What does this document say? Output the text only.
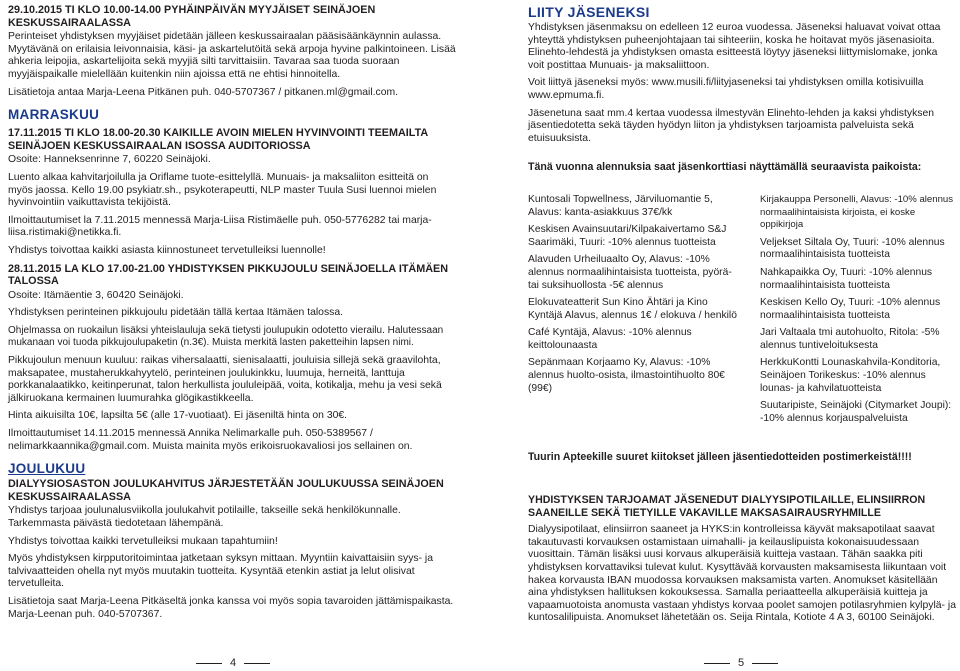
29.10.2015 TI KLO 10.00-14.00 PYHÄINPÄIVÄN MYYJÄISET SEINÄJOEN KESKUSSAIRAALASSA

Perinteiset yhdistyksen myyjäiset pidetään jälleen keskussairaalan pääsisäänkäynnin aulassa. Myytävänä on erilaisia leivonnaisia, käsi- ja askartelutöitä sekä arpoja hyvine palkintoineen. Lisää ahkeria leipojia, askartelijoita sekä myyjiä silti tarvittaisiin. Tavaraa saa tuoda suoraan myyjäispaikalle mielellään kuitenkin niin ajoissa että ne ehtisi hinnoitella.

Lisätietoja antaa Marja-Leena Pitkänen puh. 040-5707367 / pitkanen.ml@gmail.com.

MARRASKUU
17.11.2015 TI KLO 18.00-20.30 KAIKILLE AVOIN MIELEN HYVINVOINTI TEEMAILTA SEINÄJOEN KESKUSSAIRAALAN ISOSSA AUDITORIOSSA

Osoite: Hanneksenrinne 7, 60220 Seinäjoki.

Luento alkaa kahvitarjoilulla ja Oriflame tuote-esittelyllä. Munuais- ja maksaliiton esitteitä on myös jaossa. Kello 19.00 psykiatr.sh., psykoterapeutti, NLP master Tuula Susi luennoi mielen hyvinvointiin vaikuttavista tekijöistä.

Ilmoittautumiset la 7.11.2015 mennessä Marja-Liisa Ristimäelle puh. 050-5776282 tai marja-liisa.ristimaki@netikka.fi.

Yhdistys toivottaa kaikki asiasta kiinnostuneet tervetulleiksi luennolle!

28.11.2015 LA KLO 17.00-21.00 YHDISTYKSEN PIKKUJOULU SEINÄJOELLA ITÄMÄEN TALOSSA

Osoite: Itämäentie 3, 60420 Seinäjoki.

Yhdistyksen perinteinen pikkujoulu pidetään tällä kertaa Itämäen talossa.

Ohjelmassa on ruokailun lisäksi yhteislauluja sekä tietysti joulupukin odotetto vierailu. Halutessaan mukanaan voi tuoda pikkujoulupaketin (n.3€). Muista merkitä lasten paketteihin lapsen nimi.

Pikkujoulun menuun kuuluu: raikas vihersalaatti, sienisalaatti, jouluisia sillejä sekä graavilohta, maksapatee, mustaherukkahyytelö, perinteinen joulukinkku, luumuja, herneitä, lanttuja porkkanalaatikko, keitinperunat, talon herkullista joululeipää, voita, kotikalja, mehu ja vesi sekä jälkiruokana kermainen luumurahka glögikastikkeella.

Hinta aikuisilta 10€, lapsilta 5€ (alle 17-vuotiaat). Ei jäseniltä hinta on 30€.

Ilmoittautumiset 14.11.2015 mennessä Annika Nelimarkalle puh. 050-5389567 / nelimarkkaannika@gmail.com. Muista mainita myös erikoisruokavaliosi jos sellainen on.

JOULUKUU
DIALYYSIOSASTON JOULUKAHVITUS JÄRJESTETÄÄN JOULUKUUSSA SEINÄJOEN KESKUSSAIRAALASSA

Yhdistys tarjoaa joulunalusviikolla joulukahvit potilaille, takseille sekä henkilökunnalle. Tarkemmasta päivästä tiedotetaan lähempänä.

Yhdistys toivottaa kaikki tervetulleiksi mukaan tapahtumiin!

Myös yhdistyksen kirpputoritoimintaa jatketaan syksyn mittaan. Myyntiin kaivattaisiin syys- ja talvivaatteiden ohella nyt myös muutakin tuotteita. Kysyntää etenkin astiat ja lelut olisivat tervetulleita.

Lisätietoja saat Marja-Leena Pitkäseltä jonka kanssa voi myös sopia tavaroiden jättämispaikasta. Marja-Leenan puh. 040-5707367.

4
LIITY JÄSENEKSI

Yhdistyksen jäsenmaksu on edelleen 12 euroa vuodessa. Jäseneksi haluavat voivat ottaa yhteyttä yhdistyksen puheenjohtajaan tai sihteeriin, koska he hoitavat myös jäsenasioita. Elinehto-lehdestä ja yhdistyksen omasta esitteestä löytyy jäseneksi liittymislomake, jonka voit postittaa Munuais- ja maksaliittoon.

Voit liittyä jäseneksi myös: www.musili.fi/liityjaseneksi tai yhdistyksen omilla kotisivuilla www.epmuma.fi.

Jäsenetuna saat mm.4 kertaa vuodessa ilmestyvän Elinehto-lehden ja kaksi yhdistyksen jäsentiedotetta sekä täyden hyödyn liiton ja yhdistyksen tarjoamista palveluista sekä etuisuuksista.

Tänä vuonna alennuksia saat jäsenkorttiasi näyttämällä seuraavista paikoista:

Kuntosali Topwellness, Järviluomantie 5, Alavus: kanta-asiakkuus 37€/kk

Keskisen Avainsuutari/Kilpakaivertamo S&J Saarimäki, Tuuri: -10% alennus tuotteista

Alavuden Urheiluaalto Oy, Alavus: -10% alennus normaalihintaisista tuotteista, pyörä- tai suksihuollosta -5€ alennus

Elokuvateatterit Sun Kino Ähtäri ja Kino Kyntäjä Alavus, alennus 1€ / elokuva / henkilö

Café Kyntäjä, Alavus: -10% alennus keittolounaasta

Sepänmaan Korjaamo Ky, Alavus: -10% alennus huolto-osista, ilmastointihuolto 80€ (99€)

Kirjakauppa Personelli, Alavus: -10% alennus normaalihintaisista kirjoista, ei koske oppikirjoja

Veljekset Siltala Oy, Tuuri: -10% alennus normaalihintaisista tuotteista

Nahkapaikka Oy, Tuuri: -10% alennus normaalihintaisista tuotteista

Keskisen Kello Oy, Tuuri: -10% alennus normaalihintaisista tuotteista

Jari Valtaala tmi autohuolto, Ritola: -5% alennus tuntiveloituksesta

HerkkuKontti Lounaskahvila-Konditoria, Seinäjoen Torikeskus: -10% alennus lounas- ja kahvilatuotteista

Suutaripiste, Seinäjoki (Citymarket Joupi): -10% alennus korjauspalveluista

Tuurin Apteekille suuret kiitokset jälleen jäsentiedotteiden postimerkeistä!!!!
YHDISTYKSEN TARJOAMAT JÄSENEDUT DIALYYSIPOTILAILLE, ELINSIIRRON SAANEILLE SEKÄ TIETYILLE VAKAVILLE MAKSASAIRAUSRYHMILLE

Dialyysipotilaat, elinsiirron saaneet ja HYKS:in kontrolleissa käyvät maksapotilaat saavat takautuvasti korvauksen ostamistaan uimahalli- ja keilauslipuista kokonaisuudessaan vuosittain. Tämän lisäksi uusi korvaus alkuperäisiä kuitteja vastaan. Tähän saakka piti yhdistyksen korvattaviksi tulevat kulut. Kysyttävää korvausten maksamisesta liikuntaan voit hakea korvausta IBAN muodossa korvauksen maksamista varten. Anomukset käsitellään aina yhdistyksen hallituksen kokouksessa. Samalla periaatteella alkuperäisiä kuitteja ja vapaamuotoista anomusta vastaan yhdistys korvaa poolet samojen potilasryhmien kylpylä- ja kuntosalilipuista. Anomukset lähetetään os. Seija Rintala, Kotiote 4 A 3, 60100 Seinäjoki.

5
